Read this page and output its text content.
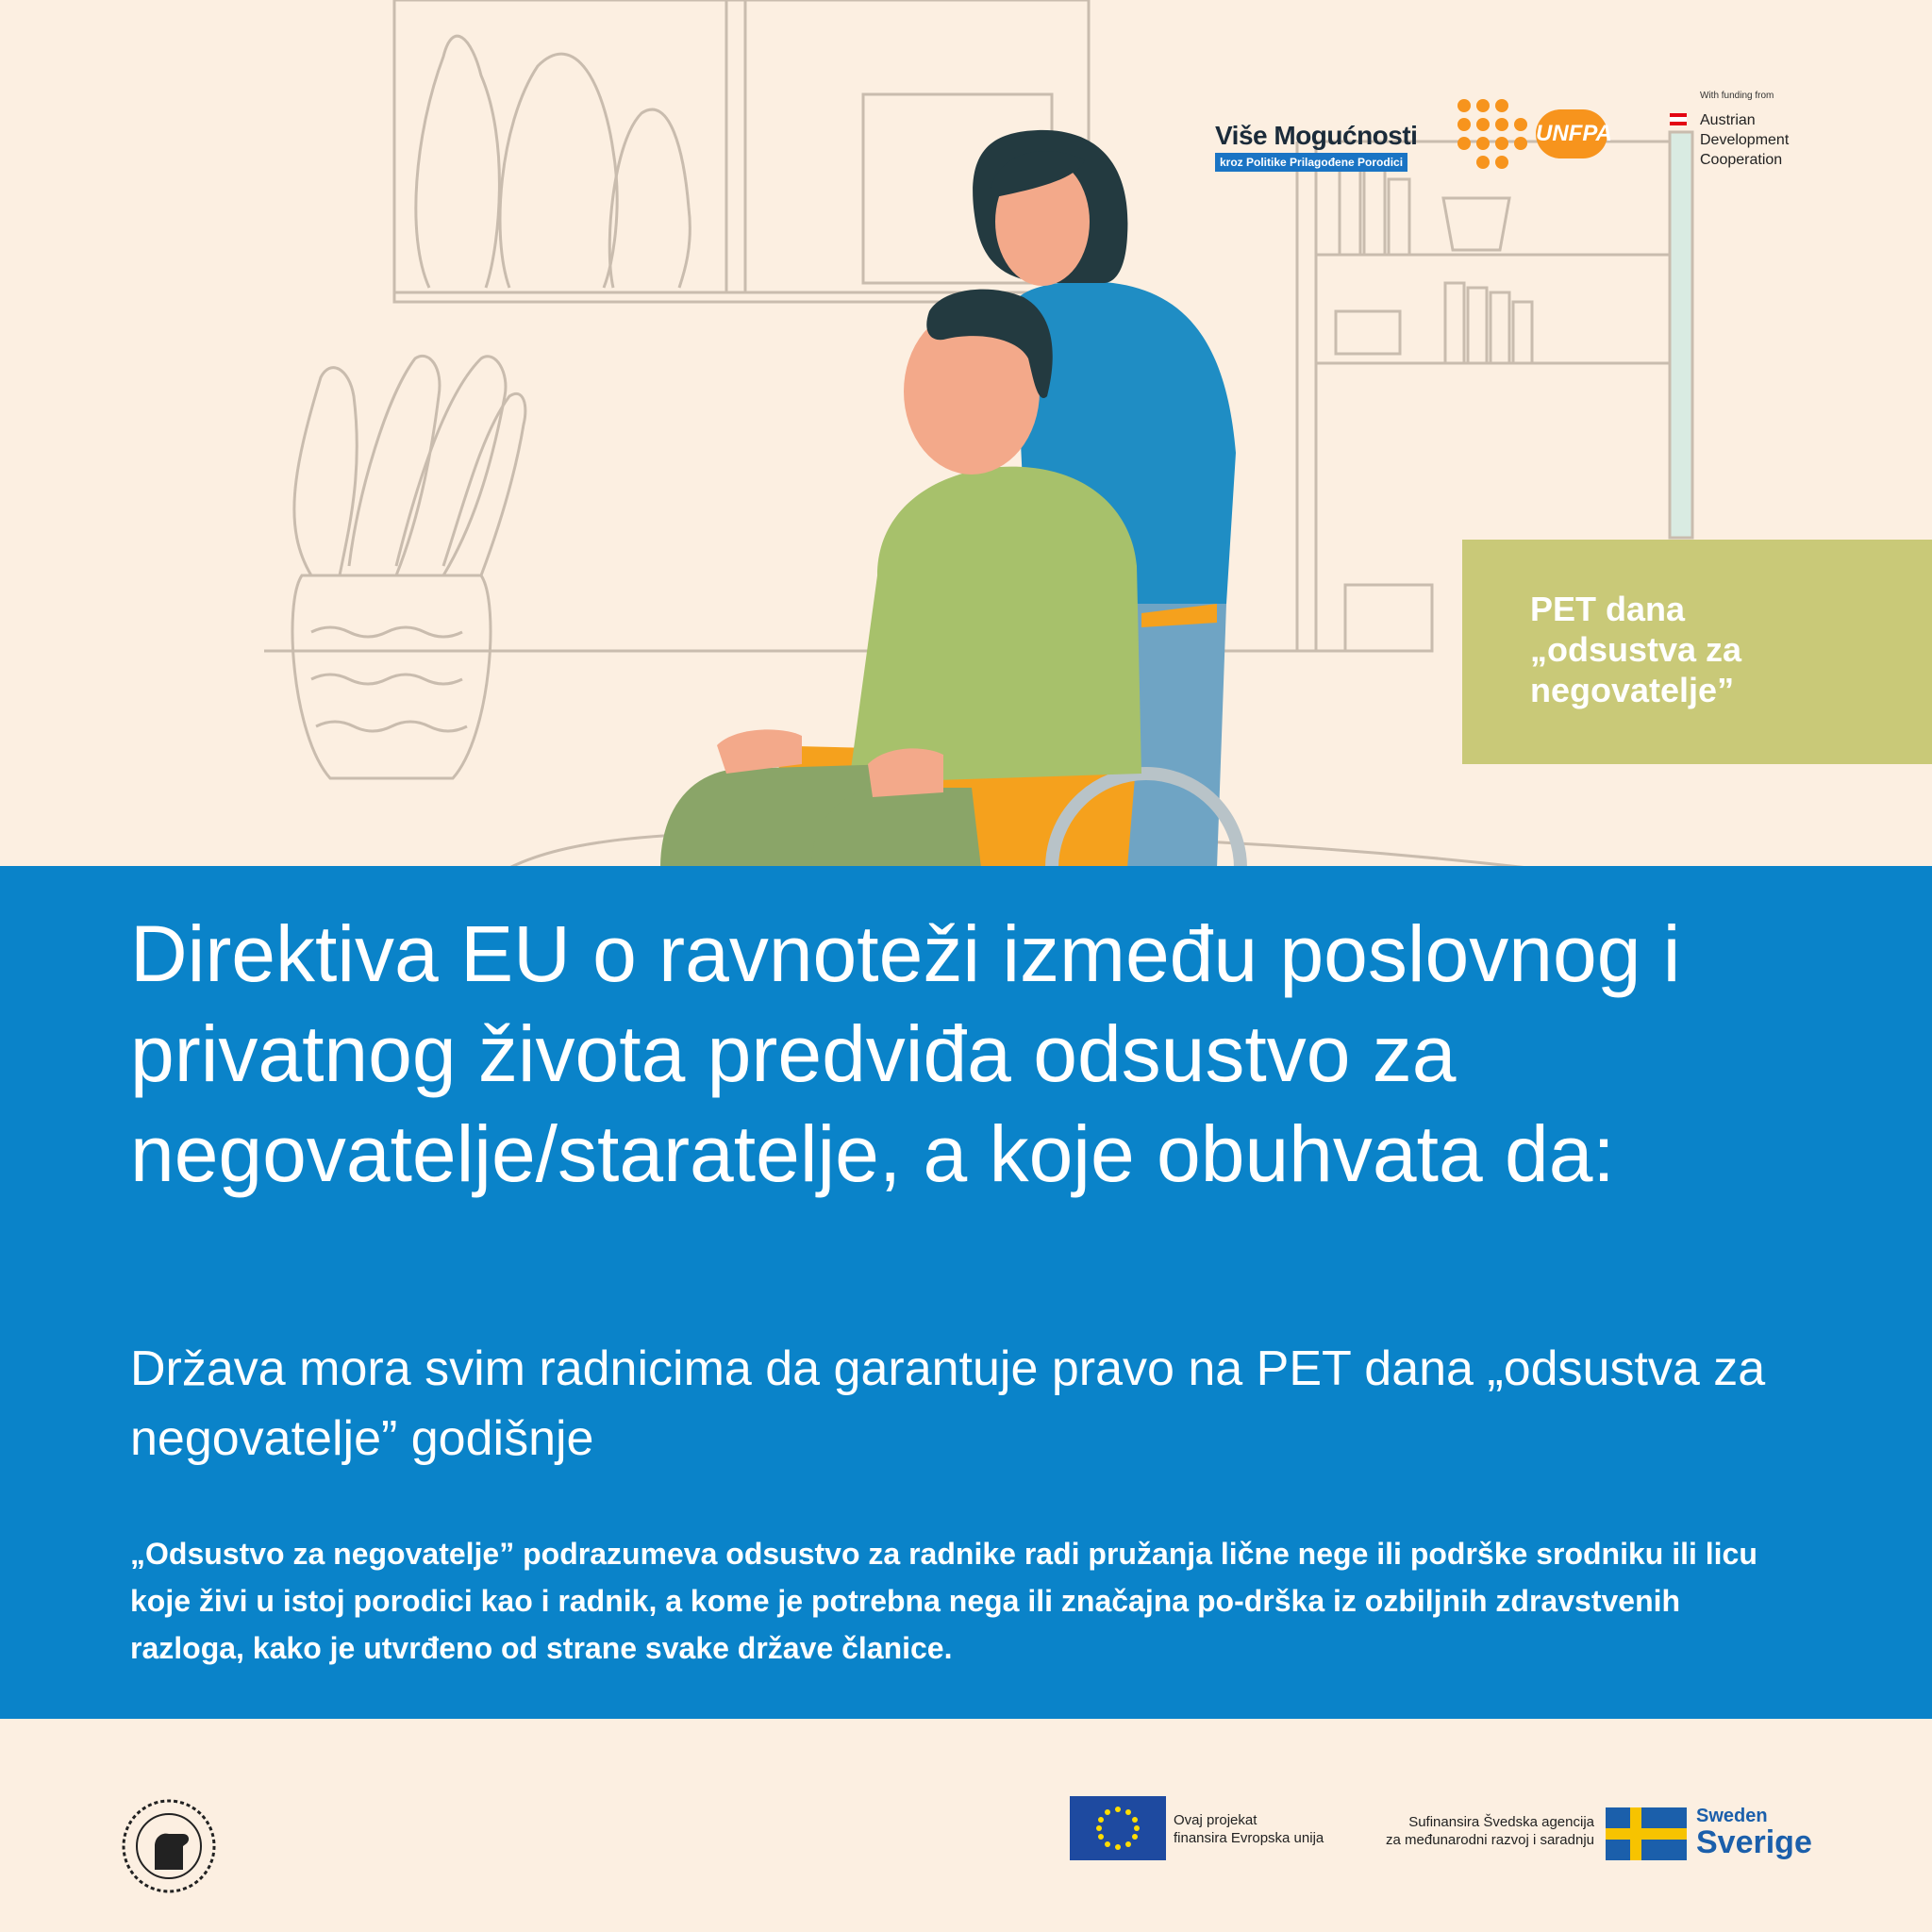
Više Mogućnosti
kroz Politike Prilagođene Porodici
UNFPA
With funding from
Austrian Development Cooperation
PET dana
„odsustva za
negovatelje”
Direktiva EU o ravnoteži između poslovnog i privatnog života predviđa odsustvo za negovatelje/staratelje, a koje obuhvata da:
Država mora svim radnicima da garantuje pravo na PET dana „odsustva za negovatelje” godišnje
„Odsustvo za negovatelje” podrazumeva odsustvo za radnike radi pružanja lične nege ili podrške srodniku ili licu koje živi u istoj porodici kao i radnik, a kome je potrebna nega ili značajna po-drška iz ozbiljnih zdravstvenih razloga, kako je utvrđeno od strane svake države članice.
Ovaj projekat
finansira Evropska unija
Sufinansira Švedska agencija
za međunarodni razvoj i saradnju
Sweden
Sverige
